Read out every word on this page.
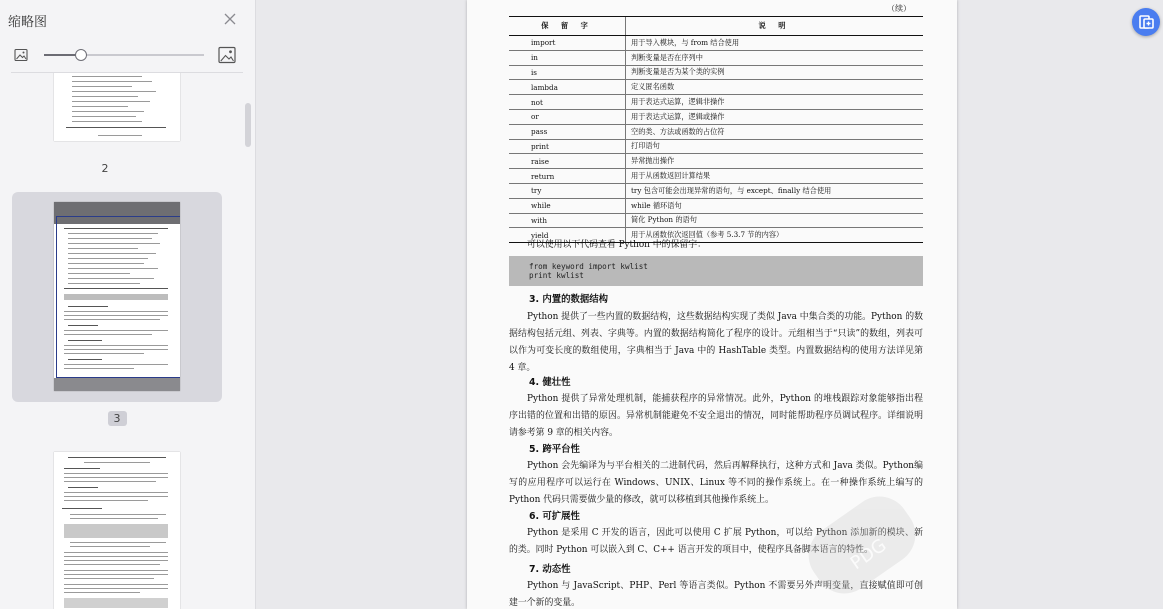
缩略图
2
3
（续）
保 留 字	说 明
import	用于导入模块，与 from 结合使用
in	判断变量是否在序列中
is	判断变量是否为某个类的实例
lambda	定义匿名函数
not	用于表达式运算，逻辑非操作
or	用于表达式运算，逻辑或操作
pass	空的类、方法或函数的占位符
print	打印语句
raise	异常抛出操作
return	用于从函数返回计算结果
try	try 包含可能会出现异常的语句，与 except、finally 结合使用
while	while 循环语句
with	简化 Python 的语句
yield	用于从函数依次返回值（参考 5.3.7 节的内容）
可以使用以下代码查看 Python 中的保留字：
from keyword import kwlist
print kwlist
3. 内置的数据结构
Python 提供了一些内置的数据结构，这些数据结构实现了类似 Java 中集合类的功能。Python 的数据结构包括元组、列表、字典等。内置的数据结构简化了程序的设计。元组相当于“只读”的数组，列表可以作为可变长度的数组使用，字典相当于 Java 中的 HashTable 类型。内置数据结构的使用方法详见第 4 章。
4. 健壮性
Python 提供了异常处理机制，能捕获程序的异常情况。此外，Python 的堆栈跟踪对象能够指出程序出错的位置和出错的原因。异常机制能避免不安全退出的情况，同时能帮助程序员调试程序。详细说明请参考第 9 章的相关内容。
5. 跨平台性
Python 会先编译为与平台相关的二进制代码，然后再解释执行，这种方式和 Java 类似。Python编写的应用程序可以运行在 Windows、UNIX、Linux 等不同的操作系统上。在一种操作系统上编写的 Python 代码只需要做少量的修改，就可以移植到其他操作系统上。
6. 可扩展性
Python 是采用 C 开发的语言，因此可以使用 C 扩展 Python，可以给 Python 添加新的模块、新的类。同时 Python 可以嵌入到 C、C++ 语言开发的项目中，使程序具备脚本语言的特性。
7. 动态性
Python 与 JavaScript、PHP、Perl 等语言类似。Python 不需要另外声明变量，直接赋值即可创建一个新的变量。
PDG
